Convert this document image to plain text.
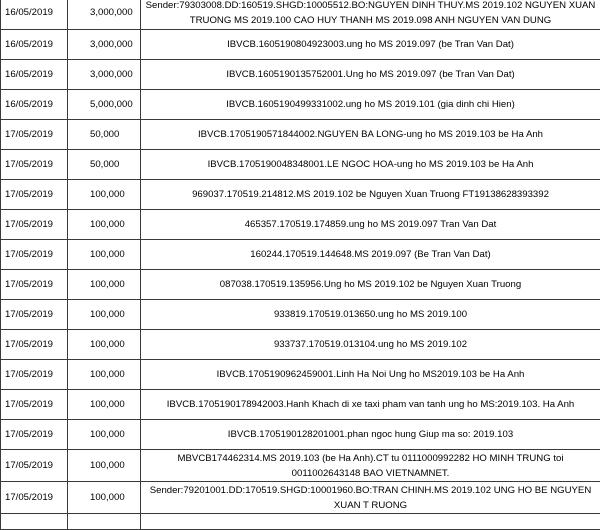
16/05/2019	3,000,000	Sender:79303008.DD:160519.SHGD:10005512.BO:NGUYEN DINH THUY.MS 2019.102 NGUYEN XUAN TRUONG MS 2019.100 CAO HUY THANH MS 2019.098 ANH NGUYEN VAN DUNG
16/05/2019	3,000,000	IBVCB.1605190804923003.ung ho MS 2019.097 (be Tran Van Dat)
16/05/2019	3,000,000	IBVCB.1605190135752001.Ung ho MS 2019.097 (be Tran Van Dat)
16/05/2019	5,000,000	IBVCB.1605190499331002.ung ho MS 2019.101 (gia dinh chi Hien)
17/05/2019	50,000	IBVCB.1705190571844002.NGUYEN BA LONG-ung ho MS 2019.103 be Ha Anh
17/05/2019	50,000	IBVCB.1705190048348001.LE NGOC HOA-ung ho MS 2019.103 be Ha Anh
17/05/2019	100,000	969037.170519.214812.MS 2019.102 be Nguyen Xuan Truong FT19138628393392
17/05/2019	100,000	465357.170519.174859.ung ho MS 2019.097 Tran Van Dat
17/05/2019	100,000	160244.170519.144648.MS 2019.097 (Be Tran Van Dat)
17/05/2019	100,000	087038.170519.135956.Ung ho MS 2019.102 be Nguyen Xuan Truong
17/05/2019	100,000	933819.170519.013650.ung ho MS 2019.100
17/05/2019	100,000	933737.170519.013104.ung ho MS 2019.102
17/05/2019	100,000	IBVCB.1705190962459001.Linh Ha Noi Ung ho MS2019.103 be Ha Anh
17/05/2019	100,000	IBVCB.1705190178942003.Hanh Khach di xe taxi pham van tanh ung ho MS:2019.103. Ha Anh
17/05/2019	100,000	IBVCB.1705190128201001.phan ngoc hung Giup ma so: 2019.103
17/05/2019	100,000	MBVCB174462314.MS 2019.103 (be Ha Anh).CT tu 0111000992282 HO MINH TRUNG toi 0011002643148 BAO VIETNAMNET.
17/05/2019	100,000	Sender:79201001.DD:170519.SHGD:10001960.BO:TRAN CHINH.MS 2019.102 UNG HO BE NGUYEN XUAN T RUONG
